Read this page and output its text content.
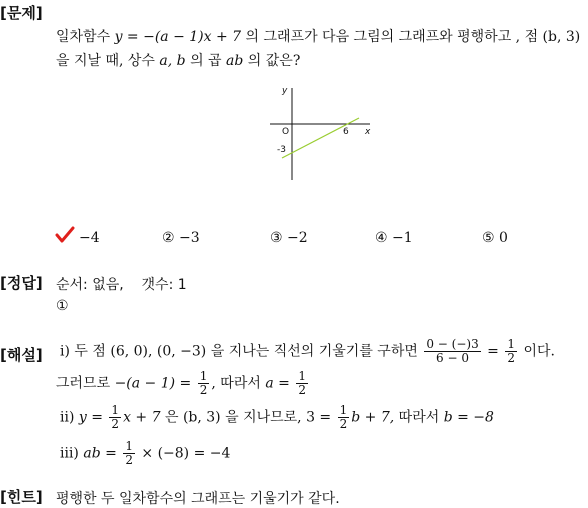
[문제]
일차함수 y = −(a − 1)x + 7 의 그래프가 다음 그림의 그래프와 평행하고 , 점 (b, 3)
을 지날 때, 상수 a, b 의 곱 ab 의 값은?
y
x
O	6
-3
−4	② −3	③ −2	④ −1	⑤ 0
[정답] 순서: 없음, 갯수: 1
①
[해설] ⅰ) 두 점 (6, 0), (0, −3) 을 지나는 직선의 기울기를 구하면 $\frac{0 - (-)3}{6 - 0} = \frac{1}{2}$ 이다.
그러므로 $-(a - 1) = \frac{1}{2}$ , 따라서 $a = \frac{1}{2}$
ⅱ) $y = \frac{1}{2}$ x + 7 은 (b, 3) 을 지나므로, $3 = \frac{1}{2}$ b + 7, 따라서 b = −8
ⅲ) ab = $\frac{1}{2} \times (-8) = -4$
[힌트] 평행한 두 일차함수의 그래프는 기울기가 같다.
